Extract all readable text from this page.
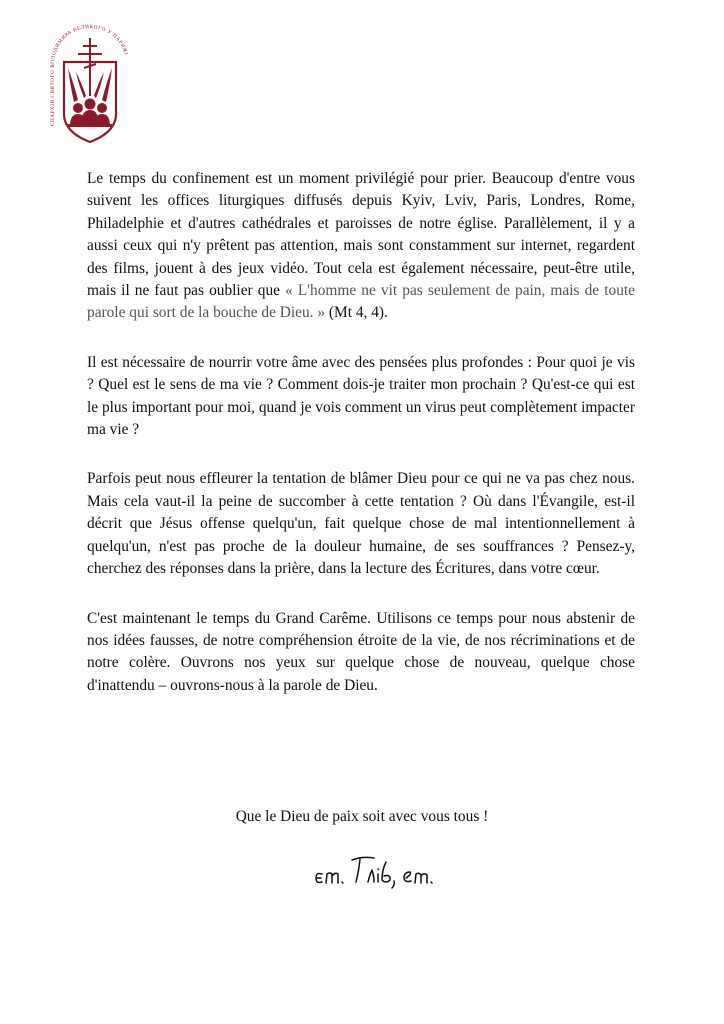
ЄПАРХІЯ СВЯТОГО ВОЛОДИМИРА ВЕЛИКОГО У ПАРИЖІ

Le temps du confinement est un moment privilégié pour prier. Beaucoup d'entre vous suivent les offices liturgiques diffusés depuis Kyiv, Lviv, Paris, Londres, Rome, Philadelphie et d'autres cathédrales et paroisses de notre église. Parallèlement, il y a aussi ceux qui n'y prêtent pas attention, mais sont constamment sur internet, regardent des films, jouent à des jeux vidéo. Tout cela est également nécessaire, peut-être utile, mais il ne faut pas oublier que « L'homme ne vit pas seulement de pain, mais de toute parole qui sort de la bouche de Dieu. » (Mt 4, 4).

Il est nécessaire de nourrir votre âme avec des pensées plus profondes : Pour quoi je vis ? Quel est le sens de ma vie ? Comment dois-je traiter mon prochain ? Qu'est-ce qui est le plus important pour moi, quand je vois comment un virus peut complètement impacter ma vie ?

Parfois peut nous effleurer la tentation de blâmer Dieu pour ce qui ne va pas chez nous. Mais cela vaut-il la peine de succomber à cette tentation ? Où dans l'Évangile, est-il décrit que Jésus offense quelqu'un, fait quelque chose de mal intentionnellement à quelqu'un, n'est pas proche de la douleur humaine, de ses souffrances ? Pensez-y, cherchez des réponses dans la prière, dans la lecture des Écritures, dans votre cœur.

C'est maintenant le temps du Grand Carême. Utilisons ce temps pour nous abstenir de nos idées fausses, de notre compréhension étroite de la vie, de nos récriminations et de notre colère. Ouvrons nos yeux sur quelque chose de nouveau, quelque chose d'inattendu – ouvrons-nous à la parole de Dieu.

Que le Dieu de paix soit avec vous tous !
